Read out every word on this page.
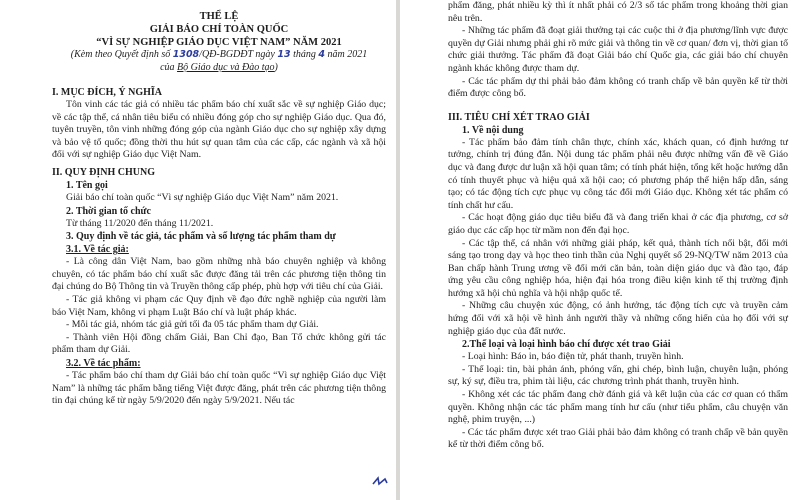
THỂ LỆ

GIẢI BÁO CHÍ TOÀN QUỐC

“VÌ SỰ NGHIỆP GIÁO DỤC VIỆT NAM” NĂM 2021

(Kèm theo Quyết định số 1308/QĐ-BGDĐT ngày 13 tháng 4 năm 2021

của Bộ Giáo dục và Đào tạo)

I. MỤC ĐÍCH, Ý NGHĨA

Tôn vinh các tác giả có nhiều tác phẩm báo chí xuất sắc về sự nghiệp Giáo dục; về các tập thể, cá nhân tiêu biểu có nhiều đóng góp cho sự nghiệp Giáo dục. Qua đó, tuyên truyền, tôn vinh những đóng góp của ngành Giáo dục cho sự nghiệp xây dựng và bảo vệ tổ quốc; đồng thời thu hút sự quan tâm của các cấp, các ngành và xã hội đối với sự nghiệp Giáo dục Việt Nam.

II. QUY ĐỊNH CHUNG

1. Tên gọi

Giải báo chí toàn quốc “Vì sự nghiệp Giáo dục Việt Nam” năm 2021.

2. Thời gian tổ chức

Từ tháng 11/2020 đến tháng 11/2021.

3. Quy định về tác giả, tác phẩm và số lượng tác phẩm tham dự

3.1. Về tác giả:

- Là công dân Việt Nam, bao gồm những nhà báo chuyên nghiệp và không chuyên, có tác phẩm báo chí xuất sắc được đăng tải trên các phương tiện thông tin đại chúng do Bộ Thông tin và Truyền thông cấp phép, phù hợp với tiêu chí của Giải.

- Tác giả không vi phạm các Quy định về đạo đức nghề nghiệp của người làm báo Việt Nam, không vi phạm Luật Báo chí và luật pháp khác.

- Mỗi tác giả, nhóm tác giả gửi tối đa 05 tác phẩm tham dự Giải.

- Thành viên Hội đồng chấm Giải, Ban Chỉ đạo, Ban Tổ chức không gửi tác phẩm tham dự Giải.

3.2. Về tác phẩm:

- Tác phẩm báo chí tham dự Giải báo chí toàn quốc “Vì sự nghiệp Giáo dục Việt Nam” là những tác phẩm bằng tiếng Việt được đăng, phát trên các phương tiện thông tin đại chúng kể từ ngày 5/9/2020 đến ngày 5/9/2021. Nếu tác

phẩm đăng, phát nhiều kỳ thì ít nhất phải có 2/3 số tác phẩm trong khoảng thời gian nêu trên.

- Những tác phẩm đã đoạt giải thưởng tại các cuộc thi ở địa phương/lĩnh vực được quyền dự Giải nhưng phải ghi rõ mức giải và thông tin về cơ quan/ đơn vị, thời gian tổ chức giải thưởng. Tác phẩm đã đoạt Giải báo chí Quốc gia, các giải báo chí chuyên ngành khác không được tham dự.

- Các tác phẩm dự thi phải bảo đảm không có tranh chấp về bản quyền kể từ thời điểm được công bố.

III. TIÊU CHÍ XÉT TRAO GIẢI

1. Về nội dung

- Tác phẩm bảo đảm tính chân thực, chính xác, khách quan, có định hướng tư tưởng, chính trị đúng đắn. Nội dung tác phẩm phải nêu được những vấn đề về Giáo dục và đang được dư luận xã hội quan tâm; có tính phát hiện, tổng kết hoặc hướng dẫn có tính thuyết phục và hiệu quả xã hội cao; có phương pháp thể hiện hấp dẫn, sáng tạo; có tác động tích cực phục vụ công tác đổi mới Giáo dục. Không xét tác phẩm có tính chất hư cấu.

- Các hoạt động giáo dục tiêu biểu đã và đang triển khai ở các địa phương, cơ sở giáo dục các cấp học từ mầm non đến đại học.

- Các tập thể, cá nhân với những giải pháp, kết quả, thành tích nổi bật, đổi mới sáng tạo trong dạy và học theo tinh thần của Nghị quyết số 29-NQ/TW năm 2013 của Ban chấp hành Trung ương về đổi mới căn bản, toàn diện giáo dục và đào tạo, đáp ứng yêu cầu công nghiệp hóa, hiện đại hóa trong điều kiện kinh tế thị trường định hướng xã hội chủ nghĩa và hội nhập quốc tế.

- Những câu chuyện xúc động, có ảnh hưởng, tác động tích cực và truyền cảm hứng đối với xã hội về hình ảnh người thầy và những cống hiến của họ đối với sự nghiệp giáo dục của đất nước.

2.Thể loại và loại hình báo chí được xét trao Giải

- Loại hình: Báo in, báo điện tử, phát thanh, truyền hình.

- Thể loại: tin, bài phản ánh, phóng vấn, ghi chép, bình luận, chuyên luận, phóng sự, ký sự, điều tra, phim tài liệu, các chương trình phát thanh, truyền hình.

- Không xét các tác phẩm đang chờ đánh giá và kết luận của các cơ quan có thẩm quyền. Không nhận các tác phẩm mang tính hư cấu (như tiểu phẩm, câu chuyện văn nghệ, phim truyện, ...)

- Các tác phẩm được xét trao Giải phải bảo đảm không có tranh chấp về bản quyền kể từ thời điểm công bố.
